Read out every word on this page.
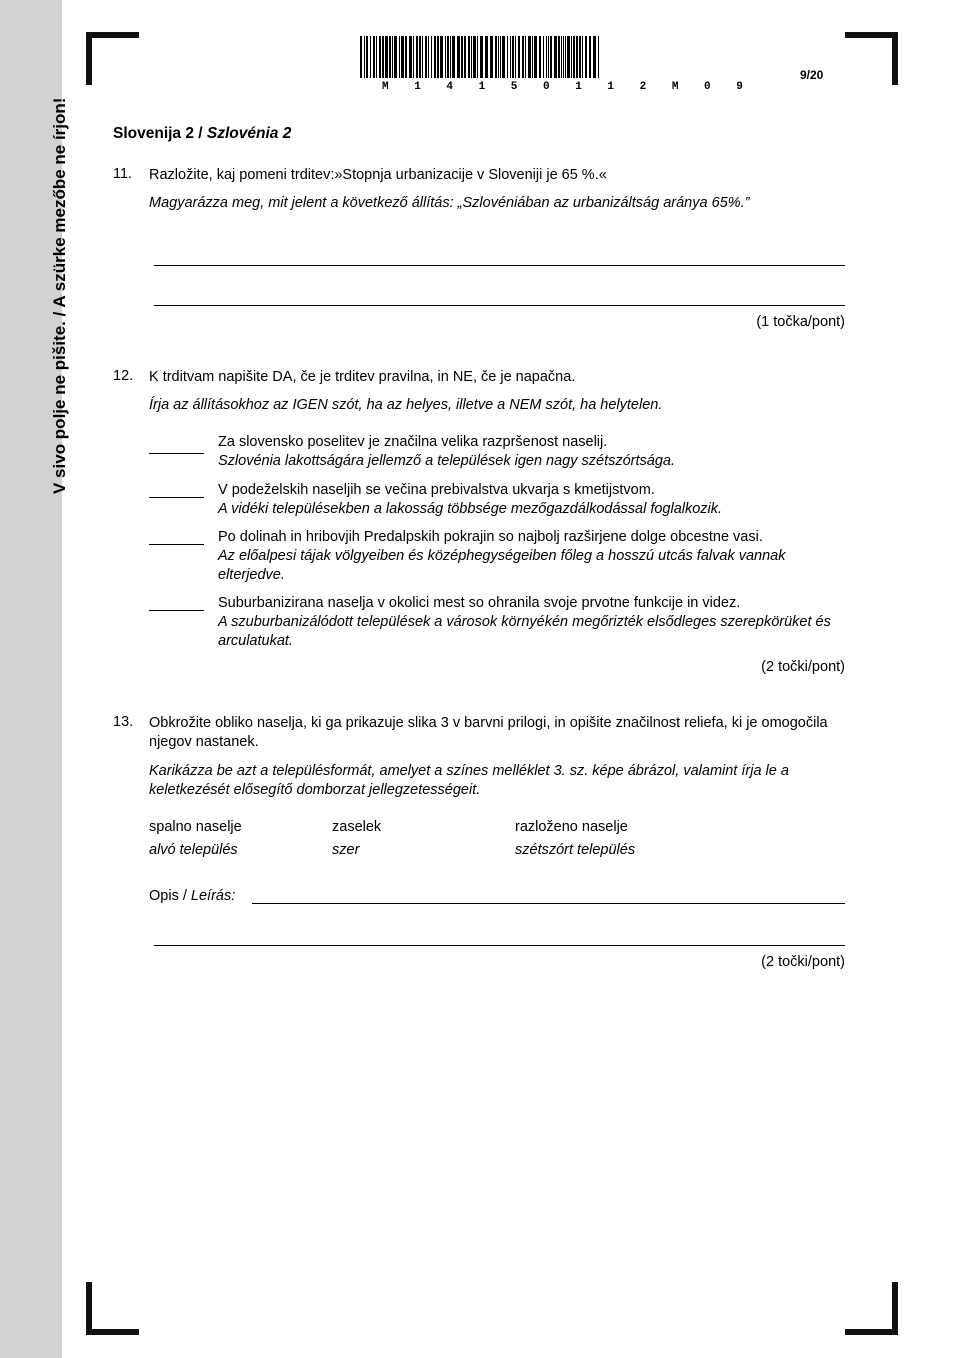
V sivo polje ne pišite. / A szürke mezőbe ne írjon!
M 1 4 1 5 0 1 1 2 M 0 9
9/20
Slovenija 2 / Szlovénia 2
11. Razložite, kaj pomeni trditev:»Stopnja urbanizacije v Sloveniji je 65 %.«
Magyarázza meg, mit jelent a következő állítás: „Szlovéniában az urbanizáltság aránya 65%.”
(1 točka/pont)
12. K trditvam napišite DA, če je trditev pravilna, in NE, če je napačna.
Írja az állításokhoz az IGEN szót, ha az helyes, illetve a NEM szót, ha helytelen.

Za slovensko poselitev je značilna velika razpršenost naselij.

Szlovénia lakottságára jellemző a települések igen nagy szétszórtsága.

V podeželskih naseljih se večina prebivalstva ukvarja s kmetijstvom.

A vidéki településekben a lakosság többsége mezőgazdálkodással foglalkozik.

Po dolinah in hribovjih Predalpskih pokrajin so najbolj razširjene dolge obcestne vasi.

Az előalpesi tájak völgyeiben és középhegységeiben főleg a hosszú utcás falvak vannak elterjedve.

Suburbanizirana naselja v okolici mest so ohranila svoje prvotne funkcije in videz.

A szuburbanizálódott települések a városok környékén megőrizték elsődleges szerepkörüket és arculatukat.

(2 točki/pont)
13. Obkrožite obliko naselja, ki ga prikazuje slika 3 v barvni prilogi, in opišite značilnost reliefa, ki je omogočila njegov nastanek.
Karikázza be azt a településformát, amelyet a színes melléklet 3. sz. képe ábrázol, valamint írja le a keletkezését elősegítő domborzat jellegzetességeit.
spalno naselje
alvó település
zaselek
szer
razloženo naselje
szétszórt település
Opis / Leírás:
(2 točki/pont)
